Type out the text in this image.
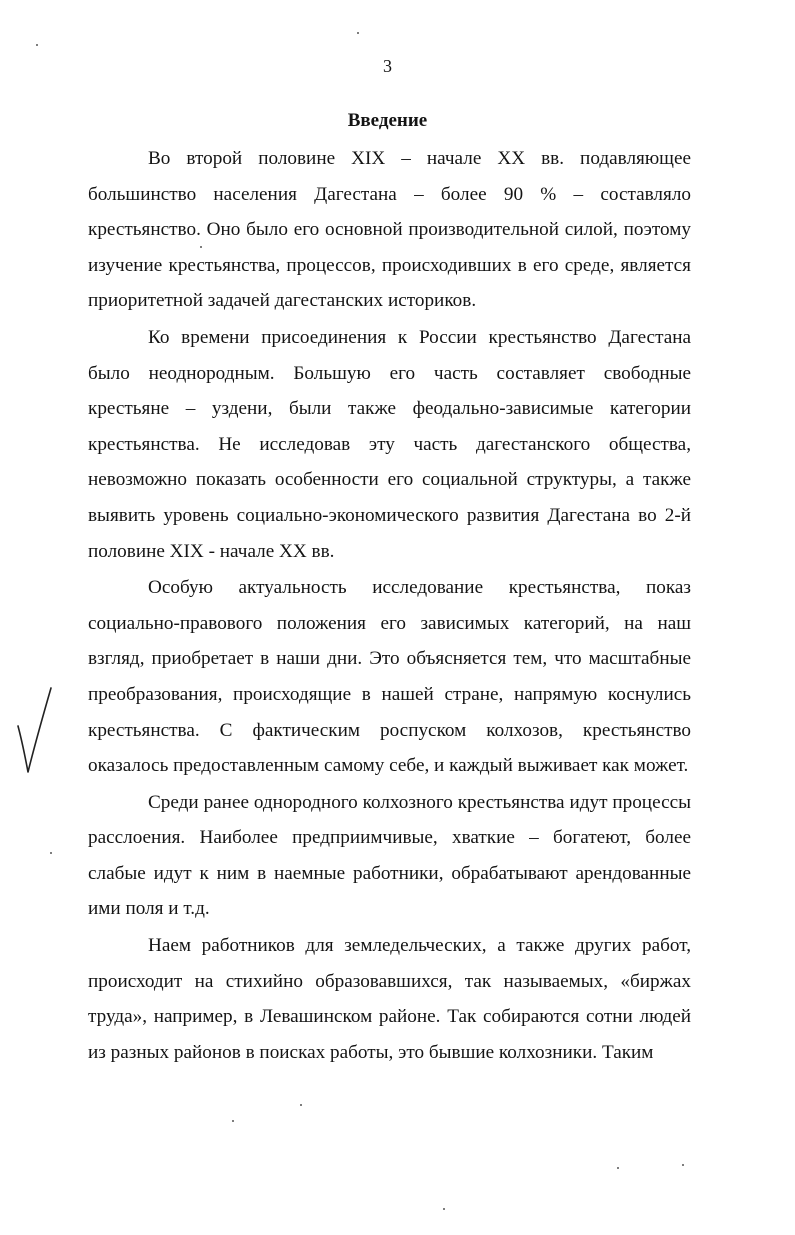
3
Введение

Во второй половине XIX – начале XX вв. подавляющее большинство населения Дагестана – более 90 % – составляло крестьянство. Оно было его основной производительной силой, поэтому изучение крестьянства, процессов, происходивших в его среде, является приоритетной задачей дагестанских историков.

Ко времени присоединения к России крестьянство Дагестана было неоднородным. Большую его часть составляет свободные крестьяне – уздени, были также феодально-зависимые категории крестьянства. Не исследовав эту часть дагестанского общества, невозможно показать особенности его социальной структуры, а также выявить уровень социально-экономического развития Дагестана во 2-й половине XIX - начале XX вв.

Особую актуальность исследование крестьянства, показ социально-правового положения его зависимых категорий, на наш взгляд, приобретает в наши дни. Это объясняется тем, что масштабные преобразования, происходящие в нашей стране, напрямую коснулись крестьянства. С фактическим роспуском колхозов, крестьянство оказалось предоставленным самому себе, и каждый выживает как может.

Среди ранее однородного колхозного крестьянства идут процессы расслоения. Наиболее предприимчивые, хваткие – богатеют, более слабые идут к ним в наемные работники, обрабатывают арендованные ими поля и т.д.

Наем работников для земледельческих, а также других работ, происходит на стихийно образовавшихся, так называемых, «биржах труда», например, в Левашинском районе. Так собираются сотни людей из разных районов в поисках работы, это бывшие колхозники. Таким
